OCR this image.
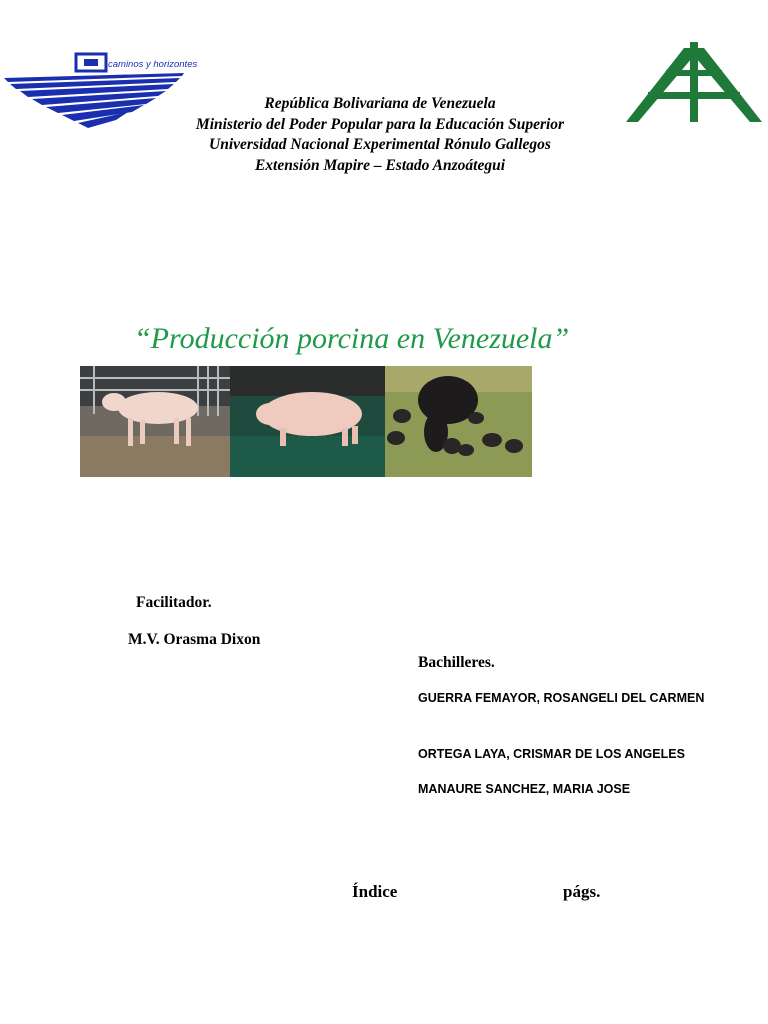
caminos y horizontes
República Bolivariana de Venezuela
Ministerio del Poder Popular para la Educación Superior
Universidad Nacional Experimental Rónulo Gallegos
Extensión Mapire – Estado Anzoátegui
“Producción porcina en Venezuela”
Facilitador.
M.V. Orasma Dixon
Bachilleres.
GUERRA FEMAYOR, ROSANGELI DEL CARMEN
ORTEGA LAYA, CRISMAR DE LOS ANGELES
MANAURE SANCHEZ, MARIA JOSE
Índice	págs.
